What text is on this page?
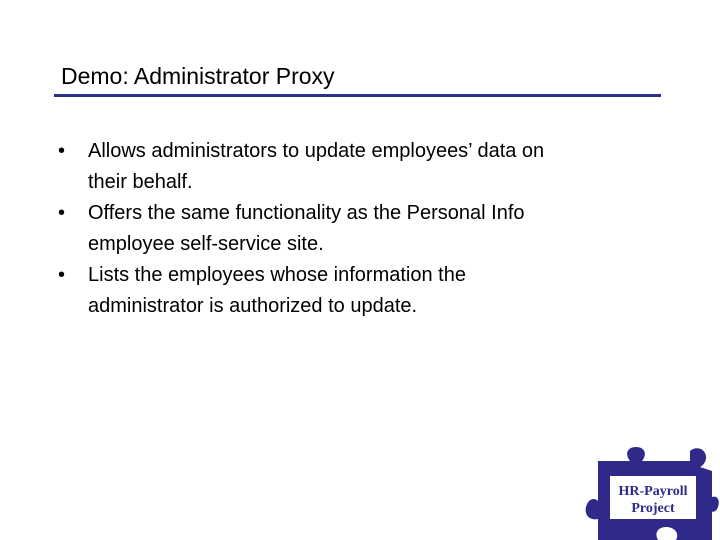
Demo: Administrator Proxy
• Allows administrators to update employees’ data on
their behalf.
• Offers the same functionality as the Personal Info
employee self-service site.
• Lists the employees whose information the
administrator is authorized to update.
HR-Payroll
Project
